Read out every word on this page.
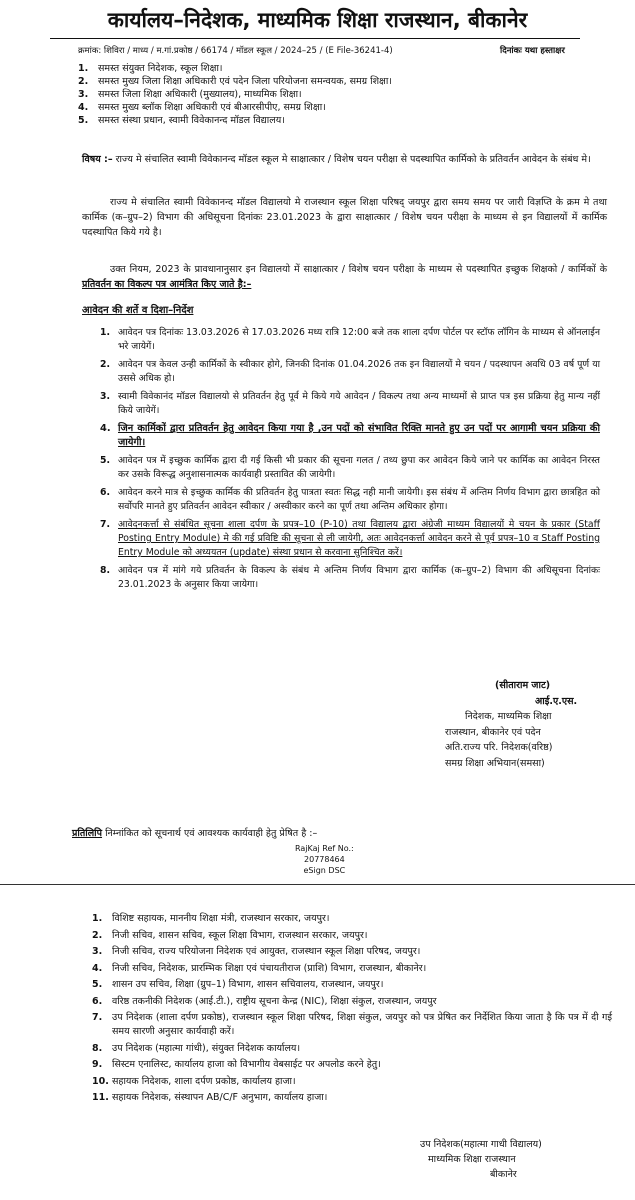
कार्यालय–निदेशक, माध्यमिक शिक्षा राजस्थान, बीकानेर
क्रमांक: शिविरा / माध्य / म.गां.प्रकोष्ठ / 66174 / मॉडल स्कूल / 2024–25 / (E File-36241-4)	दिनांकः यथा हस्ताक्षर
1. समस्त संयुक्त निदेशक, स्कूल शिक्षा।
2. समस्त मुख्य जिला शिक्षा अधिकारी एवं पदेन जिला परियोजना समन्वयक, समग्र शिक्षा।
3. समस्त जिला शिक्षा अधिकारी (मुख्यालय), माध्यमिक शिक्षा।
4. समस्त मुख्य ब्लॉक शिक्षा अधिकारी एवं बीआरसीपीए, समग्र शिक्षा।
5. समस्त संस्था प्रधान, स्वामी विवेकानन्द मॉडल विद्यालय।
विषय :– राज्य मे संचालित स्वामी विवेकानन्द मॉडल स्कूल मे साक्षात्कार / विशेष चयन परीक्षा से पदस्थापित कार्मिको के प्रतिवर्तन आवेदन के संबंध मे।
राज्य मे संचालित स्वामी विवेकानन्द मॉडल विद्यालयो मे राजस्थान स्कूल शिक्षा परिषद् जयपुर द्वारा समय समय पर जारी विज्ञप्ति के क्रम मे तथा कार्मिक (क–ग्रुप–2) विभाग की अधिसूचना दिनांकः 23.01.2023 के द्वारा साक्षात्कार / विशेष चयन परीक्षा के माध्यम से इन विद्यालयों में कार्मिक पदस्थापित किये गये है।
उक्त नियम, 2023 के प्रावधानानुसार इन विद्यालयो में साक्षात्कार / विशेष चयन परीक्षा के माध्यम से पदस्थापित इच्छुक शिक्षको / कार्मिकों के प्रतिवर्तन का विकल्प पत्र आमंत्रित किए जाते है:–
आवेदन की शर्ते व दिशा–निर्देश
1. आवेदन पत्र दिनांकः 13.03.2026 से 17.03.2026 मध्य रात्रि 12:00 बजे तक शाला दर्पण पोर्टल पर स्टॉफ लॉगिन के माध्यम से ऑनलाईन भरे जायेगें।
2. आवेदन पत्र केवल उन्ही कार्मिकों के स्वीकार होगे, जिनकी दिनांक 01.04.2026 तक इन विद्यालयों मे चयन / पदस्थापन अवधि 03 वर्ष पूर्ण या उससे अधिक हो।
3. स्वामी विवेकानंद मॉडल विद्यालयो से प्रतिवर्तन हेतु पूर्व मे किये गये आवेदन / विकल्प तथा अन्य माध्यमों से प्राप्त पत्र इस प्रक्रिया हेतु मान्य नहीं किये जायेगें।
4. जिन कार्मिकों द्वारा प्रतिवर्तन हेतु आवेदन किया गया है ,उन पदों को संभावित रिक्ति मानते हुए उन पदों पर आगामी चयन प्रक्रिया की जायेगी।
5. आवेदन पत्र में इच्छुक कार्मिक द्वारा दी गई किसी भी प्रकार की सूचना गलत / तथ्य छुपा कर आवेदन किये जाने पर कार्मिक का आवेदन निरस्त कर उसके विरूद्ध अनुशासनात्मक कार्यवाही प्रस्तावित की जायेगी।
6. आवेदन करने मात्र से इच्छुक कार्मिक की प्रतिवर्तन हेतु पात्रता स्वतः सिद्ध नही मानी जायेगी। इस संबंध में अन्तिम निर्णय विभाग द्वारा छात्रहित को सर्वोपरि मानते हुए प्रतिवर्तन आवेदन स्वीकार / अस्वीकार करने का पूर्ण तथा अन्तिम अधिकार होगा।
7. आवेदनकर्त्ता से संबंधित सूचना शाला दर्पण के प्रपत्र–10 (P-10) तथा विद्यालय द्वारा अंग्रेजी माध्यम विद्यालयों मे चयन के प्रकार (Staff Posting Entry Module) मे की गई प्रविष्टि की सूचना से ली जायेगी, अतः आवेदनकर्त्ता आवेदन करने से पूर्व प्रपत्र–10 व Staff Posting Entry Module को अध्ययतन (update) संस्था प्रधान से करवाना सुनिश्चित करें।
8. आवेदन पत्र में मांगे गये प्रतिवर्तन के विकल्प के संबंध मे अन्तिम निर्णय विभाग द्वारा कार्मिक (क–ग्रुप–2) विभाग की अधिसूचना दिनांकः 23.01.2023 के अनुसार किया जायेगा।
(सीताराम जाट)
आई.ए.एस.
निदेशक, माध्यमिक शिक्षा
राजस्थान, बीकानेर एवं पदेन
अति.राज्य परि. निदेशक(वरिष्ठ)
समग्र शिक्षा अभियान(समसा)
प्रतिलिपि निम्नांकित को सूचनार्थ एवं आवश्यक कार्यवाही हेतु प्रेषित है :–
RajKaj Ref No.:
20778464
eSign DSC
1. विशिष्ट सहायक, माननीय शिक्षा मंत्री, राजस्थान सरकार, जयपुर।
2. निजी सचिव, शासन सचिव, स्कूल शिक्षा विभाग, राजस्थान सरकार, जयपुर।
3. निजी सचिव, राज्य परियोजना निदेशक एवं आयुक्त, राजस्थान स्कूल शिक्षा परिषद, जयपुर।
4. निजी सचिव, निदेशक, प्रारम्भिक शिक्षा एवं पंचायतीराज (प्राशि) विभाग, राजस्थान, बीकानेर।
5. शासन उप सचिव, शिक्षा (ग्रुप–1) विभाग, शासन सचिवालय, राजस्थान, जयपुर।
6. वरिष्ठ तकनीकी निदेशक (आई.टी.), राष्ट्रीय सूचना केन्द्र (NIC), शिक्षा संकुल, राजस्थान, जयपुर
7. उप निदेशक (शाला दर्पण प्रकोष्ठ), राजस्थान स्कूल शिक्षा परिषद, शिक्षा संकुल, जयपुर को पत्र प्रेषित कर निर्देशित किया जाता है कि पत्र में दी गई समय सारणी अनुसार कार्यवाही करें।
8. उप निदेशक (महात्मा गांधी), संयुक्त निदेशक कार्यालय।
9. सिस्टम एनालिस्ट, कार्यालय हाजा को विभागीय वेबसाईट पर अपलोड करने हेतु।
10. सहायक निदेशक, शाला दर्पण प्रकोष्ठ, कार्यालय हाजा।
11. सहायक निदेशक, संस्थापन AB/C/F अनुभाग, कार्यालय हाजा।
उप निदेशक(महात्मा गाधी विद्यालय)
माध्यमिक शिक्षा राजस्थान
बीकानेर
